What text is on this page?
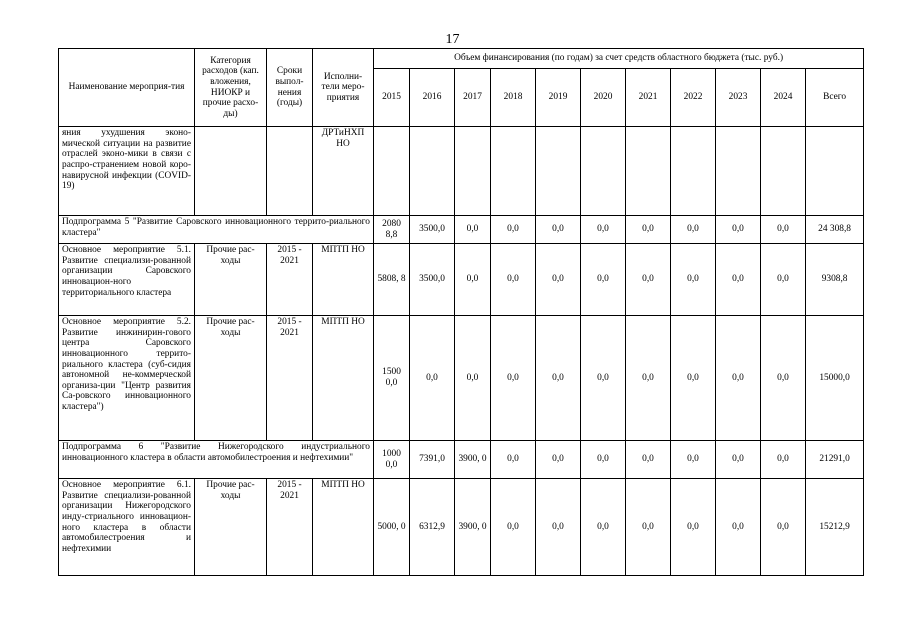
17
Наименование мероприя-тия	Категория расходов (кап. вложения, НИОКР и прочие расхо-ды)	Сроки выпол-нения (годы)	Исполни-тели меро-приятия	Объем финансирования (по годам) за счет средств областного бюджета (тыс. руб.)										
				2015	2016	2017	2018	2019	2020	2021	2022	2023	2024	Всего
яния ухудшения эконо-мической ситуации на развитие отраслей эконо-мики в связи с распро-странением новой коро-навирусной инфекции (COVID-19)			ДРТиНХП НО											
Подпрограмма 5 "Развитие Саровского инновационного террито-риального кластера"				2080 8,8	3500,0	0,0	0,0	0,0	0,0	0,0	0,0	0,0	0,0	24 308,8
Основное мероприятие 5.1. Развитие специализи-рованной организации Саровского инновацион-ного территориального кластера	Прочие рас-ходы	2015 - 2021	МПТП НО	5808, 8	3500,0	0,0	0,0	0,0	0,0	0,0	0,0	0,0	0,0	9308,8
Основное мероприятие 5.2. Развитие инжинирин-гового центра Саровского инновационного террито-риального кластера (суб-сидия автономной не-коммерческой организа-ции "Центр развития Са-ровского инновационного кластера")	Прочие рас-ходы	2015 - 2021	МПТП НО	1500 0,0	0,0	0,0	0,0	0,0	0,0	0,0	0,0	0,0	0,0	15000,0
Подпрограмма 6 "Развитие Нижегородского индустриального инновационного кластера в области автомобилестроения и нефтехимии"				1000 0,0	7391,0	3900, 0	0,0	0,0	0,0	0,0	0,0	0,0	0,0	21291,0
Основное мероприятие 6.1. Развитие специализи-рованной организации Нижегородского инду-стриального инновацион-ного кластера в области автомобилестроения и нефтехимии	Прочие рас-ходы	2015 - 2021	МПТП НО	5000, 0	6312,9	3900, 0	0,0	0,0	0,0	0,0	0,0	0,0	0,0	15212,9
